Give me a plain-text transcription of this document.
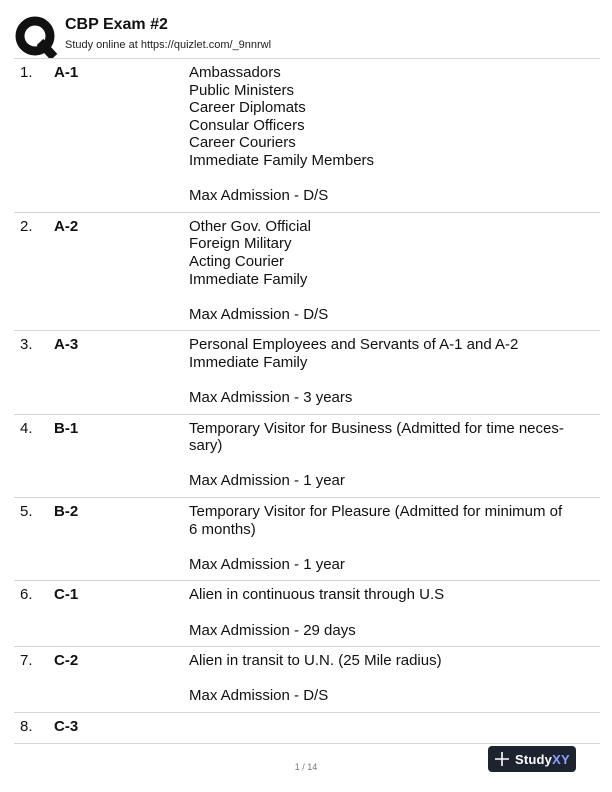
CBP Exam #2
Study online at https://quizlet.com/_9nnrwl
1. A-1	Ambassadors
Public Ministers
Career Diplomats
Consular Officers
Career Couriers
Immediate Family Members
Max Admission - D/S
2. A-2	Other Gov. Official
Foreign Military
Acting Courier
Immediate Family
Max Admission - D/S
3. A-3	Personal Employees and Servants of A-1 and A-2
Immediate Family
Max Admission - 3 years
4. B-1	Temporary Visitor for Business (Admitted for time neces-
sary)
Max Admission - 1 year
5. B-2	Temporary Visitor for Pleasure (Admitted for minimum of
6 months)
Max Admission - 1 year
6. C-1	Alien in continuous transit through U.S
Max Admission - 29 days
7. C-2	Alien in transit to U.N. (25 Mile radius)
Max Admission - D/S
8. C-3
1 / 14
StudyXY
